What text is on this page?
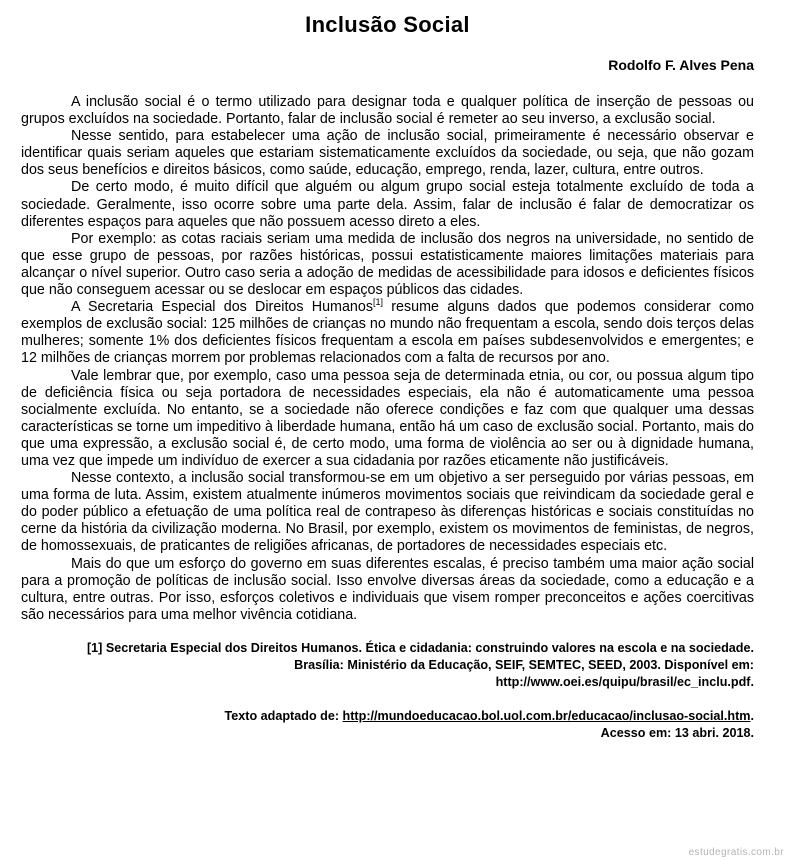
Inclusão Social
Rodolfo F. Alves Pena

A inclusão social é o termo utilizado para designar toda e qualquer política de inserção de pessoas ou grupos excluídos na sociedade. Portanto, falar de inclusão social é remeter ao seu inverso, a exclusão social.

Nesse sentido, para estabelecer uma ação de inclusão social, primeiramente é necessário observar e identificar quais seriam aqueles que estariam sistematicamente excluídos da sociedade, ou seja, que não gozam dos seus benefícios e direitos básicos, como saúde, educação, emprego, renda, lazer, cultura, entre outros.

De certo modo, é muito difícil que alguém ou algum grupo social esteja totalmente excluído de toda a sociedade. Geralmente, isso ocorre sobre uma parte dela. Assim, falar de inclusão é falar de democratizar os diferentes espaços para aqueles que não possuem acesso direto a eles.

Por exemplo: as cotas raciais seriam uma medida de inclusão dos negros na universidade, no sentido de que esse grupo de pessoas, por razões históricas, possui estatisticamente maiores limitações materiais para alcançar o nível superior. Outro caso seria a adoção de medidas de acessibilidade para idosos e deficientes físicos que não conseguem acessar ou se deslocar em espaços públicos das cidades.

A Secretaria Especial dos Direitos Humanos[1] resume alguns dados que podemos considerar como exemplos de exclusão social: 125 milhões de crianças no mundo não frequentam a escola, sendo dois terços delas mulheres; somente 1% dos deficientes físicos frequentam a escola em países subdesenvolvidos e emergentes; e 12 milhões de crianças morrem por problemas relacionados com a falta de recursos por ano.

Vale lembrar que, por exemplo, caso uma pessoa seja de determinada etnia, ou cor, ou possua algum tipo de deficiência física ou seja portadora de necessidades especiais, ela não é automaticamente uma pessoa socialmente excluída. No entanto, se a sociedade não oferece condições e faz com que qualquer uma dessas características se torne um impeditivo à liberdade humana, então há um caso de exclusão social. Portanto, mais do que uma expressão, a exclusão social é, de certo modo, uma forma de violência ao ser ou à dignidade humana, uma vez que impede um indivíduo de exercer a sua cidadania por razões eticamente não justificáveis.

Nesse contexto, a inclusão social transformou-se em um objetivo a ser perseguido por várias pessoas, em uma forma de luta. Assim, existem atualmente inúmeros movimentos sociais que reivindicam da sociedade geral e do poder público a efetuação de uma política real de contrapeso às diferenças históricas e sociais constituídas no cerne da história da civilização moderna. No Brasil, por exemplo, existem os movimentos de feministas, de negros, de homossexuais, de praticantes de religiões africanas, de portadores de necessidades especiais etc.

Mais do que um esforço do governo em suas diferentes escalas, é preciso também uma maior ação social para a promoção de políticas de inclusão social. Isso envolve diversas áreas da sociedade, como a educação e a cultura, entre outras. Por isso, esforços coletivos e individuais que visem romper preconceitos e ações coercitivas são necessários para uma melhor vivência cotidiana.

[1] Secretaria Especial dos Direitos Humanos. Ética e cidadania: construindo valores na escola e na sociedade.
Brasília: Ministério da Educação, SEIF, SEMTEC, SEED, 2003. Disponível em:
http://www.oei.es/quipu/brasil/ec_inclu.pdf.
Texto adaptado de: http://mundoeducacao.bol.uol.com.br/educacao/inclusao-social.htm.
Acesso em: 13 abri. 2018.
estudegratis.com.br
